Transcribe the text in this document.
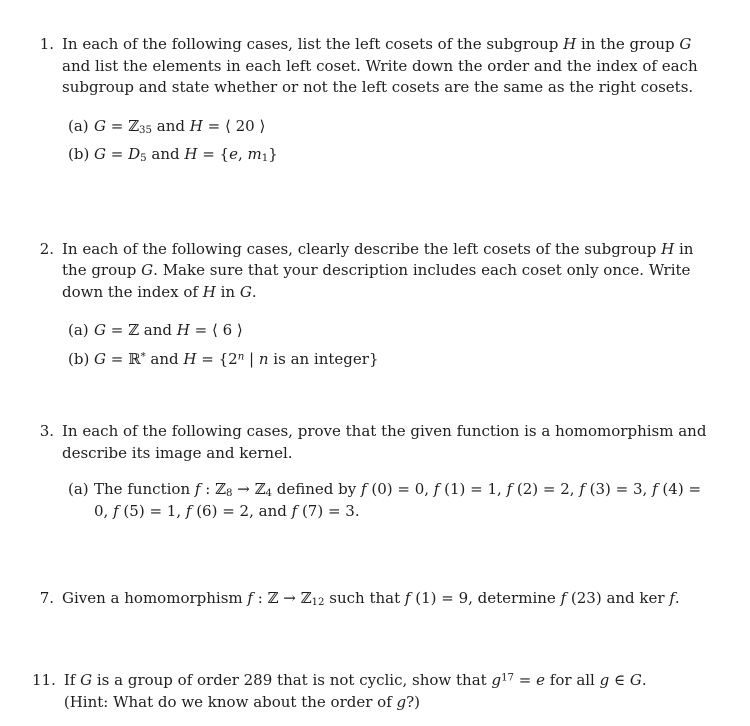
1. In each of the following cases, list the left cosets of the subgroup H in the group G and list the elements in each left coset. Write down the order and the index of each subgroup and state whether or not the left cosets are the same as the right cosets.
(a) G = ℤ$_{35}$ and H = ⟨ 20 ⟩
(b) $G = D_5$ and H = {e, $m_1$}
2. In each of the following cases, clearly describe the left cosets of the subgroup H in the group G. Make sure that your description includes each coset only once. Write down the index of H in G.
(a) G = ℤ and H = ⟨ 6 ⟩
(b) G = ℝ* and $H = \{2^n$ | n is an integer}
3. In each of the following cases, prove that the given function is a homomorphism and describe its image and kernel.
(a) The function f : ℤ$_8$ → ℤ$_4$ defined by f (0) = 0, f (1) = 1, f (2) = 2, f (3) = 3, f (4) = 0, f (5) = 1, f (6) = 2, and f (7) = 3.
7. Given a homomorphism f : ℤ → ℤ$_{12}$ such that f (1) = 9, determine f (23) and ker f.
11. If G is a group of order 289 that is not cyclic, show that $g^{17} = e$ for all g ∈ G.
(Hint: What do we know about the order of g?)
